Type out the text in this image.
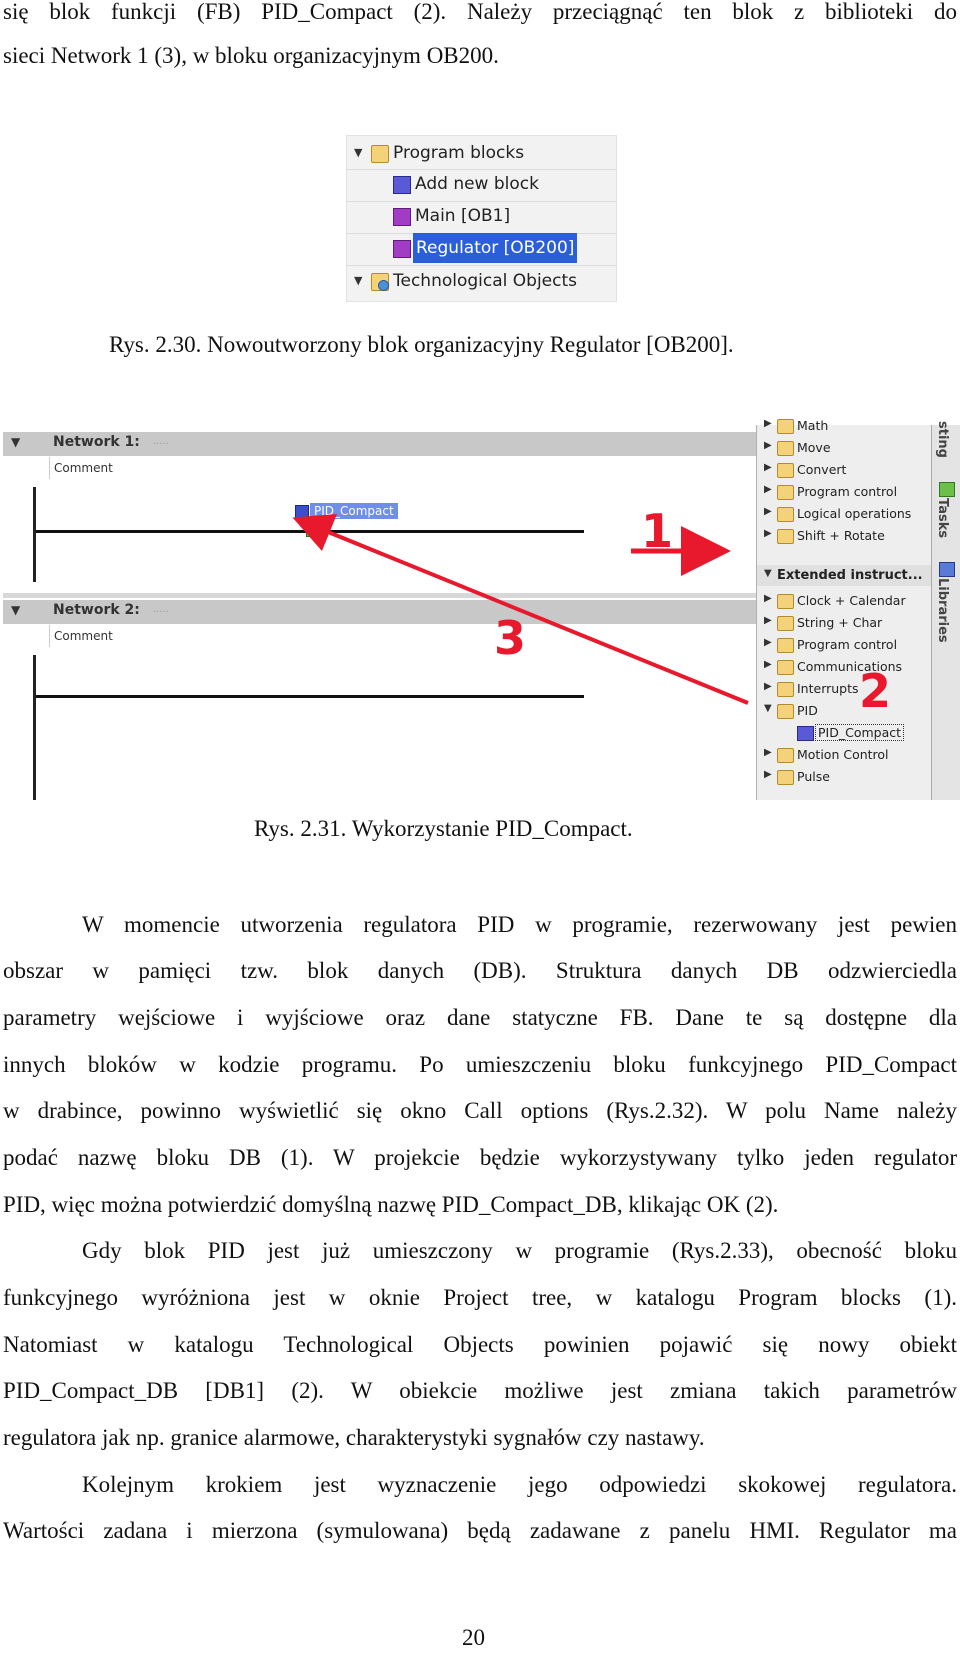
się blok funkcji (FB) PID_Compact (2). Należy przeciągnąć ten blok z biblioteki do
sieci Network 1 (3), w bloku organizacyjnym OB200.
▼ Program blocks
Add new block
Main [OB1]
Regulator [OB200]
▼ Technological Objects
Rys. 2.30. Nowoutworzony blok organizacyjny Regulator [OB200].
▼ Network 1: .....
Comment
PID_Compact
▼ Network 2: .....
Comment
▶ Math
▶ Move
▶ Convert
▶ Program control
▶ Logical operations
▶ Shift + Rotate
▼ Extended instruct...
▶ Clock + Calendar
▶ String + Char
▶ Program control
▶ Communications
▶ Interrupts
▼ PID
PID_Compact
▶ Motion Control
▶ Pulse
sting
Tasks
Libraries
1
2
3
Rys. 2.31. Wykorzystanie PID_Compact.
W momencie utworzenia regulatora PID w programie, rezerwowany jest pewien
obszar w pamięci tzw. blok danych (DB). Struktura danych DB odzwierciedla
parametry wejściowe i wyjściowe oraz dane statyczne FB. Dane te są dostępne dla
innych bloków w kodzie programu. Po umieszczeniu bloku funkcyjnego PID_Compact
w drabince, powinno wyświetlić się okno Call options (Rys.2.32). W polu Name należy
podać nazwę bloku DB (1). W projekcie będzie wykorzystywany tylko jeden regulator
PID, więc można potwierdzić domyślną nazwę PID_Compact_DB, klikając OK (2).
Gdy blok PID jest już umieszczony w programie (Rys.2.33), obecność bloku
funkcyjnego wyróżniona jest w oknie Project tree, w katalogu Program blocks (1).
Natomiast w katalogu Technological Objects powinien pojawić się nowy obiekt
PID_Compact_DB [DB1] (2). W obiekcie możliwe jest zmiana takich parametrów
regulatora jak np. granice alarmowe, charakterystyki sygnałów czy nastawy.
Kolejnym krokiem jest wyznaczenie jego odpowiedzi skokowej regulatora.
Wartości zadana i mierzona (symulowana) będą zadawane z panelu HMI. Regulator ma
20
